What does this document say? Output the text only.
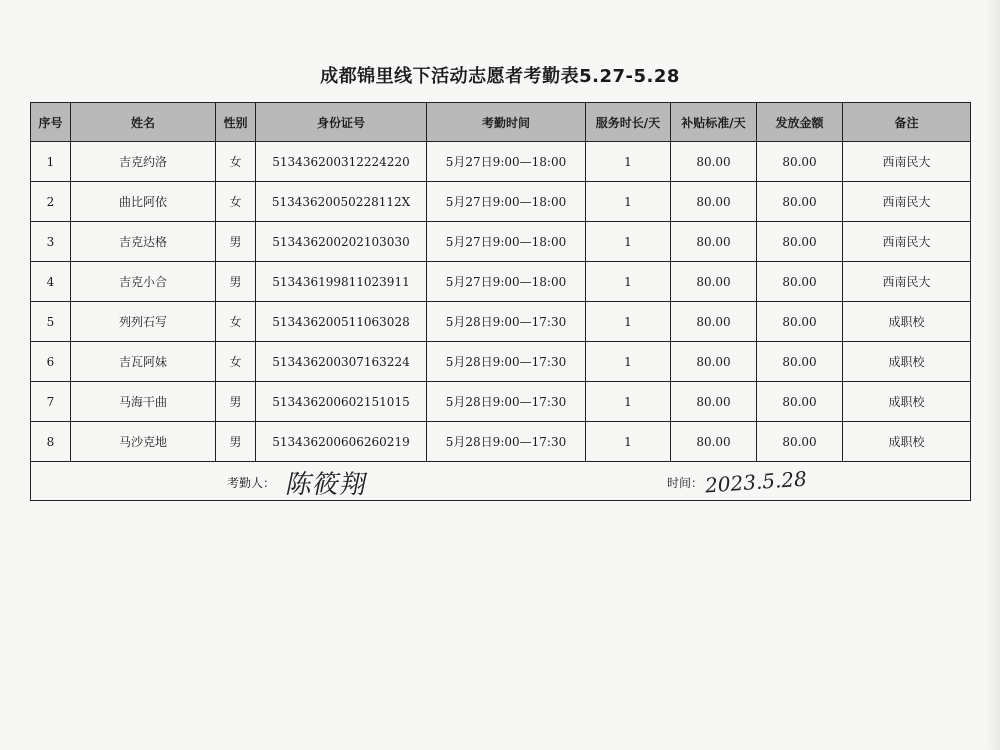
成都锦里线下活动志愿者考勤表5.27-5.28
序号	姓名	性别	身份证号	考勤时间	服务时长/天	补贴标准/天	发放金额	备注
1	吉克约洛	女	513436200312224220	5月27日9:00—18:00	1	80.00	80.00	西南民大
2	曲比阿依	女	51343620050228112X	5月27日9:00—18:00	1	80.00	80.00	西南民大
3	吉克达格	男	513436200202103030	5月27日9:00—18:00	1	80.00	80.00	西南民大
4	吉克小合	男	513436199811023911	5月27日9:00—18:00	1	80.00	80.00	西南民大
5	列列石写	女	513436200511063028	5月28日9:00—17:30	1	80.00	80.00	成职校
6	吉瓦阿妹	女	513436200307163224	5月28日9:00—17:30	1	80.00	80.00	成职校
7	马海干曲	男	513436200602151015	5月28日9:00—17:30	1	80.00	80.00	成职校
8	马沙克地	男	513436200606260219	5月28日9:00—17:30	1	80.00	80.00	成职校

考勤人： 陈筱翔 时间： 2023.5.28								
